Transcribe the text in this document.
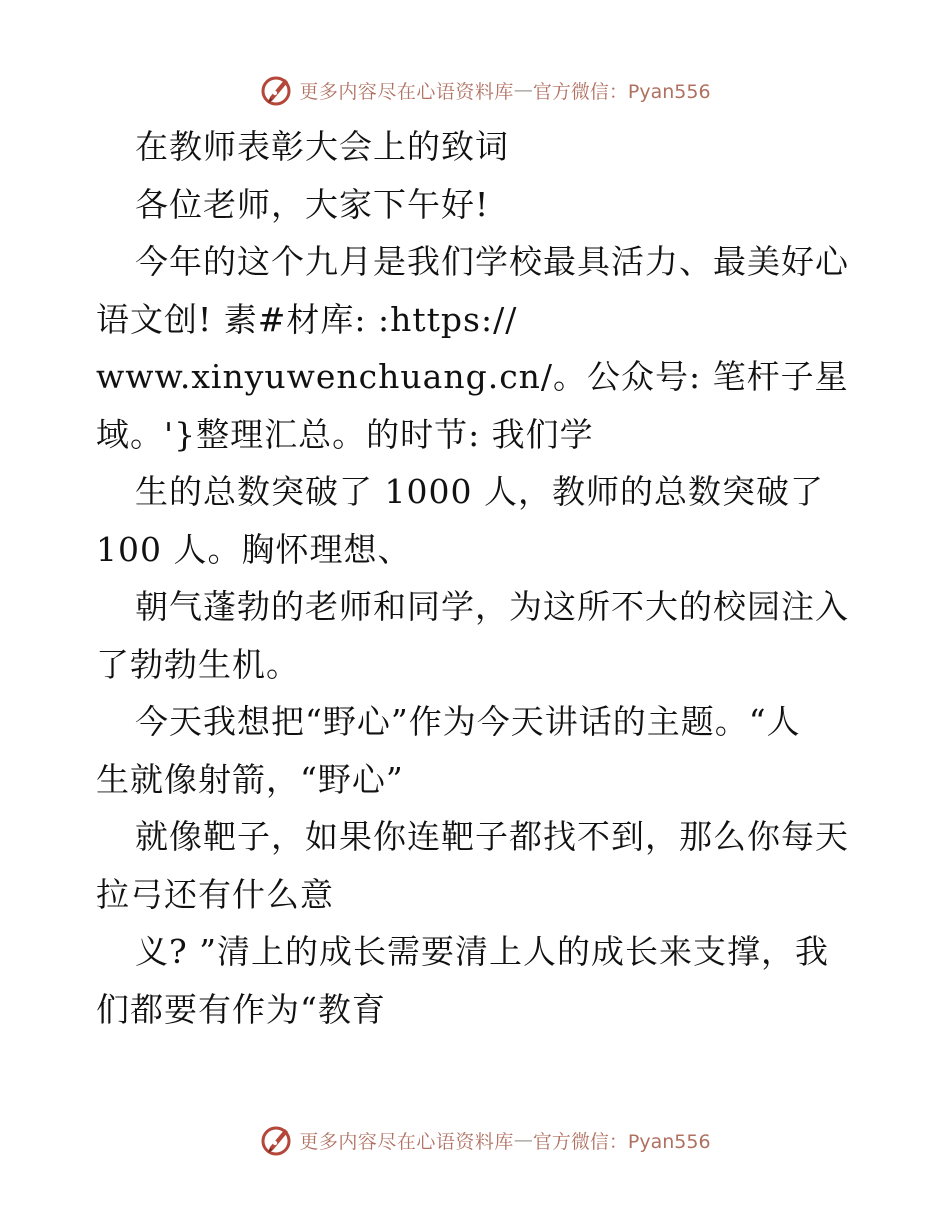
更多内容尽在心语资料库 — 官方微信：Pyan556
在教师表彰大会上的致词
各位老师，大家下午好!
今年的这个九月是我们学校最具活力、最美好心
语文创! 素#材库: :https://
www.xinyuwenchuang.cn/。公众号: 笔杆子星
域。'}整理汇总。的时节: 我们学
生的总数突破了 1000 人，教师的总数突破了
100 人。胸怀理想、
朝气蓬勃的老师和同学，为这所不大的校园注入
了勃勃生机。
今天我想把“野心”作为今天讲话的主题。“人
生就像射箭，“野心”
就像靶子，如果你连靶子都找不到，那么你每天
拉弓还有什么意
义? ”清上的成长需要清上人的成长来支撑，我
们都要有作为“教育
更多内容尽在心语资料库 — 官方微信：Pyan556
